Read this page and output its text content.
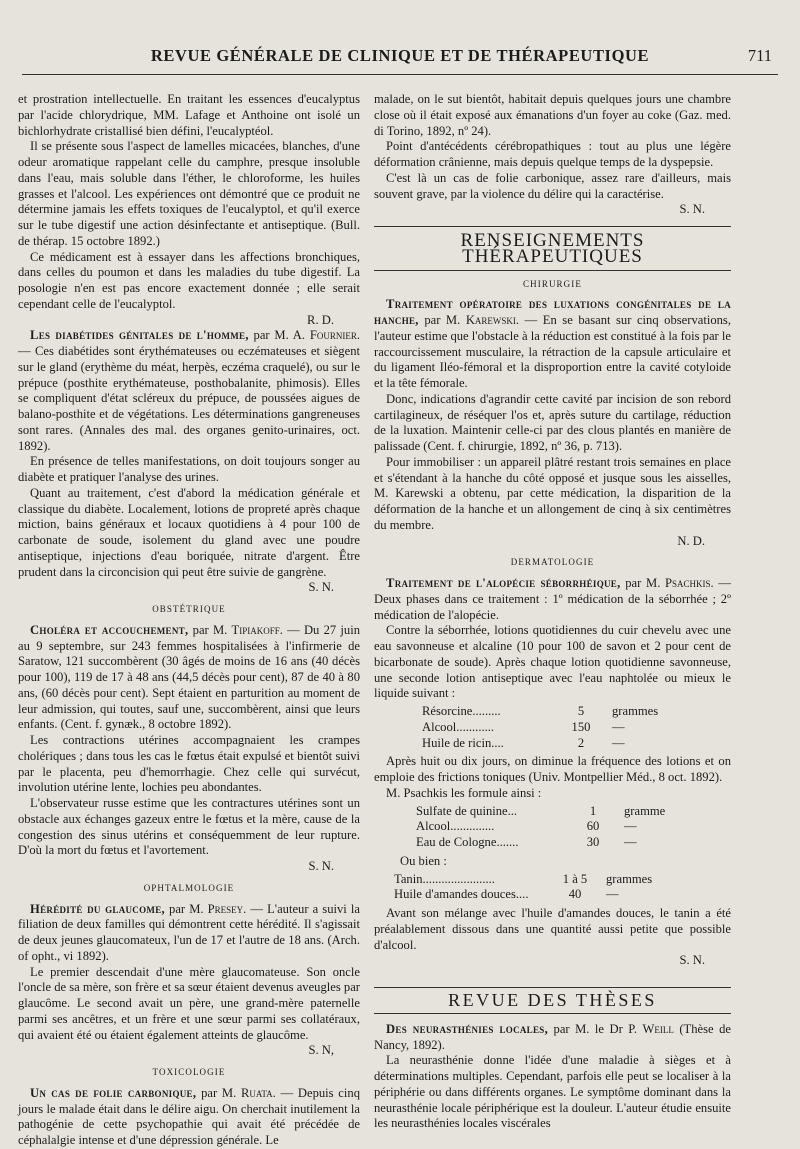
REVUE GÉNÉRALE DE CLINIQUE ET DE THÉRAPEUTIQUE	711

et prostration intellectuelle. En traitant les essences d'eucalyptus par l'acide chlorydrique, MM. Lafage et Anthoine ont isolé un bichlorhydrate cristallisé bien défini, l'eucalyptéol.

Il se présente sous l'aspect de lamelles micacées, blanches, d'une odeur aromatique rappelant celle du camphre, presque insoluble dans l'eau, mais soluble dans l'éther, le chloroforme, les huiles grasses et l'alcool. Les expériences ont démontré que ce produit ne détermine jamais les effets toxiques de l'eucalyptol, et qu'il exerce sur le tube digestif une action désinfectante et antiseptique. (Bull. de thérap. 15 octobre 1892.)

Ce médicament est à essayer dans les affections bronchiques, dans celles du poumon et dans les maladies du tube digestif. La posologie n'en est pas encore exactement donnée ; elle serait cependant celle de l'eucalyptol.

R. D.

Les diabétides génitales de l'homme, par M. A. Fournier. — Ces diabétides sont érythémateuses ou eczémateuses et siègent sur le gland (erythème du méat, herpès, eczéma craquelé), ou sur le prépuce (posthite erythémateuse, posthobalanite, phimosis). Elles se compliquent d'état scléreux du prépuce, de poussées aigues de balano-posthite et de végétations. Les déterminations gangreneuses sont rares. (Annales des mal. des organes genito-urinaires, oct. 1892).

En présence de telles manifestations, on doit toujours songer au diabète et pratiquer l'analyse des urines.

Quant au traitement, c'est d'abord la médication générale et classique du diabète. Localement, lotions de propreté après chaque miction, bains généraux et locaux quotidiens à 4 pour 100 de carbonate de soude, isolement du gland avec une poudre antiseptique, injections d'eau boriquée, nitrate d'argent. Être prudent dans la circoncision qui peut être suivie de gangrène.

S. N.
OBSTÉTRIQUE

Choléra et accouchement, par M. Tipiakoff. — Du 27 juin au 9 septembre, sur 243 femmes hospitalisées à l'infirmerie de Saratow, 121 succombèrent (30 âgés de moins de 16 ans (40 décès pour 100), 119 de 17 à 48 ans (44,5 décès pour cent), 87 de 40 à 80 ans, (60 décès pour cent). Sept étaient en parturition au moment de leur admission, qui toutes, sauf une, succombèrent, ainsi que leurs enfants. (Cent. f. gynæk., 8 octobre 1892).

Les contractions utérines accompagnaient les crampes cholériques ; dans tous les cas le fœtus était expulsé et bientôt suivi par le placenta, peu d'hemorrhagie. Chez celle qui survécut, involution utérine lente, lochies peu abondantes.

L'observateur russe estime que les contractures utérines sont un obstacle aux échanges gazeux entre le fœtus et la mère, cause de la congestion des sinus utérins et conséquemment de leur rupture. D'où la mort du fœtus et l'avortement.

S. N.
OPHTALMOLOGIE

Hérédité du glaucome, par M. Presey. — L'auteur a suivi la filiation de deux familles qui démontrent cette hérédité. Il s'agissait de deux jeunes glaucomateux, l'un de 17 et l'autre de 18 ans. (Arch. of opht., vi 1892).

Le premier descendait d'une mère glaucomateuse. Son oncle l'oncle de sa mère, son frère et sa sœur étaient devenus aveugles par glaucôme. Le second avait un père, une grand-mère paternelle parmi ses ancêtres, et un frère et une sœur parmi ses collatéraux, qui avaient été ou étaient également atteints de glaucôme.

S. N,
TOXICOLOGIE

Un cas de folie carbonique, par M. Ruata. — Depuis cinq jours le malade était dans le délire aigu. On cherchait inutilement la pathogénie de cette psychopathie qui avait été précédée de céphalalgie intense et d'une dépression générale. Le

malade, on le sut bientôt, habitait depuis quelques jours une chambre close où il était exposé aux émanations d'un foyer au coke (Gaz. med. di Torino, 1892, nº 24).

Point d'antécédents cérébropathiques : tout au plus une légère déformation crânienne, mais depuis quelque temps de la dyspepsie.

C'est là un cas de folie carbonique, assez rare d'ailleurs, mais souvent grave, par la violence du délire qui la caractérise.

S. N.
RENSEIGNEMENTS THÉRAPEUTIQUES
CHIRURGIE

Traitement opératoire des luxations congénitales de la hanche, par M. Karewski. — En se basant sur cinq observations, l'auteur estime que l'obstacle à la réduction est constitué à la fois par le raccourcissement musculaire, la rétraction de la capsule articulaire et du ligament Iléo-fémoral et la disproportion entre la cavité cotyloide et la tête fémorale.

Donc, indications d'agrandir cette cavité par incision de son rebord cartilagineux, de réséquer l'os et, après suture du cartilage, réduction de la luxation. Maintenir celle-ci par des clous plantés en manière de palissade (Cent. f. chirurgie, 1892, nº 36, p. 713).

Pour immobiliser : un appareil plâtré restant trois semaines en place et s'étendant à la hanche du côté opposé et jusque sous les aisselles, M. Karewski a obtenu, par cette médication, la disparition de la déformation de la hanche et un allongement de cinq à six centimètres du membre.

N. D.
DERMATOLOGIE

Traitement de l'alopécie séborrhéique, par M. Psachkis. — Deux phases dans ce traitement : 1º médication de la séborrhée ; 2º médication de l'alopécie.

Contre la séborrhée, lotions quotidiennes du cuir chevelu avec une eau savonneuse et alcaline (10 pour 100 de savon et 2 pour cent de bicarbonate de soude). Après chaque lotion quotidienne savonneuse, une seconde lotion antiseptique avec l'eau naphtolée ou mieux le liquide suivant :

Résorcine.........	5	grammes
Alcool............	150	—
Huile de ricin....	2	—

Après huit ou dix jours, on diminue la fréquence des lotions et on emploie des frictions toniques (Univ. Montpellier Méd., 8 oct. 1892).

M. Psachkis les formule ainsi :

Sulfate de quinine...	1	gramme
Alcool..............	60	—
Eau de Cologne.......	30	—

Ou bien :

Tanin.......................	1 à 5	grammes
Huile d'amandes douces....	40	—

Avant son mélange avec l'huile d'amandes douces, le tanin a été préalablement dissous dans une quantité aussi petite que possible d'alcool.

S. N.
REVUE DES THÈSES

Des neurasthénies locales, par M. le Dr P. Weill (Thèse de Nancy, 1892).

La neurasthénie donne l'idée d'une maladie à sièges et à déterminations multiples. Cependant, parfois elle peut se localiser à la périphérie ou dans différents organes. Le symptôme dominant dans la neurasthénie locale périphérique est la douleur. L'auteur étudie ensuite les neurasthénies locales viscérales
